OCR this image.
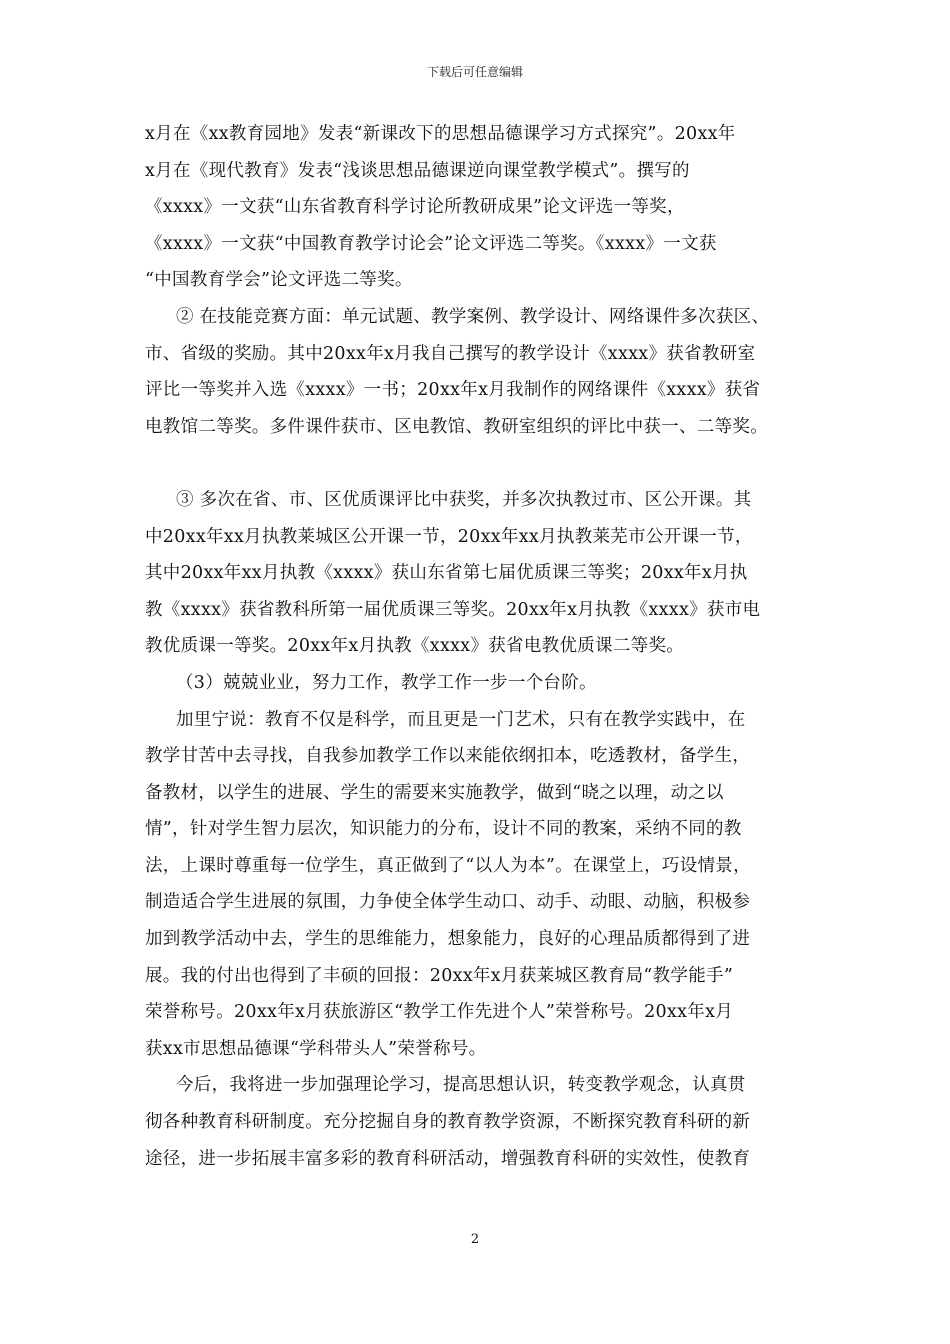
下载后可任意编辑

x月在《xx教育园地》发表“新课改下的思想品德课学习方式探究”。20xx年

x月在《现代教育》发表“浅谈思想品德课逆向课堂教学模式”。撰写的

《xxxx》一文获“山东省教育科学讨论所教研成果”论文评选一等奖，

《xxxx》一文获“中国教育教学讨论会”论文评选二等奖。《xxxx》一文获

“中国教育学会”论文评选二等奖。

② 在技能竞赛方面：单元试题、教学案例、教学设计、网络课件多次获区、

市、省级的奖励。其中20xx年x月我自己撰写的教学设计《xxxx》获省教研室

评比一等奖并入选《xxxx》一书；20xx年x月我制作的网络课件《xxxx》获省

电教馆二等奖。多件课件获市、区电教馆、教研室组织的评比中获一、二等奖。

③ 多次在省、市、区优质课评比中获奖，并多次执教过市、区公开课。其

中20xx年xx月执教莱城区公开课一节，20xx年xx月执教莱芜市公开课一节，

其中20xx年xx月执教《xxxx》获山东省第七届优质课三等奖；20xx年x月执

教《xxxx》获省教科所第一届优质课三等奖。20xx年x月执教《xxxx》获市电

教优质课一等奖。20xx年x月执教《xxxx》获省电教优质课二等奖。

（3）兢兢业业，努力工作，教学工作一步一个台阶。

加里宁说：教育不仅是科学，而且更是一门艺术，只有在教学实践中，在

教学甘苦中去寻找，自我参加教学工作以来能依纲扣本，吃透教材，备学生，

备教材，以学生的进展、学生的需要来实施教学，做到“晓之以理，动之以

情”，针对学生智力层次，知识能力的分布，设计不同的教案，采纳不同的教

法，上课时尊重每一位学生，真正做到了“以人为本”。在课堂上，巧设情景，

制造适合学生进展的氛围，力争使全体学生动口、动手、动眼、动脑，积极参

加到教学活动中去，学生的思维能力，想象能力，良好的心理品质都得到了进

展。我的付出也得到了丰硕的回报：20xx年x月获莱城区教育局“教学能手”

荣誉称号。20xx年x月获旅游区“教学工作先进个人”荣誉称号。20xx年x月

获xx市思想品德课“学科带头人”荣誉称号。

今后，我将进一步加强理论学习，提高思想认识，转变教学观念，认真贯

彻各种教育科研制度。充分挖掘自身的教育教学资源，不断探究教育科研的新

途径，进一步拓展丰富多彩的教育科研活动，增强教育科研的实效性，使教育

2
